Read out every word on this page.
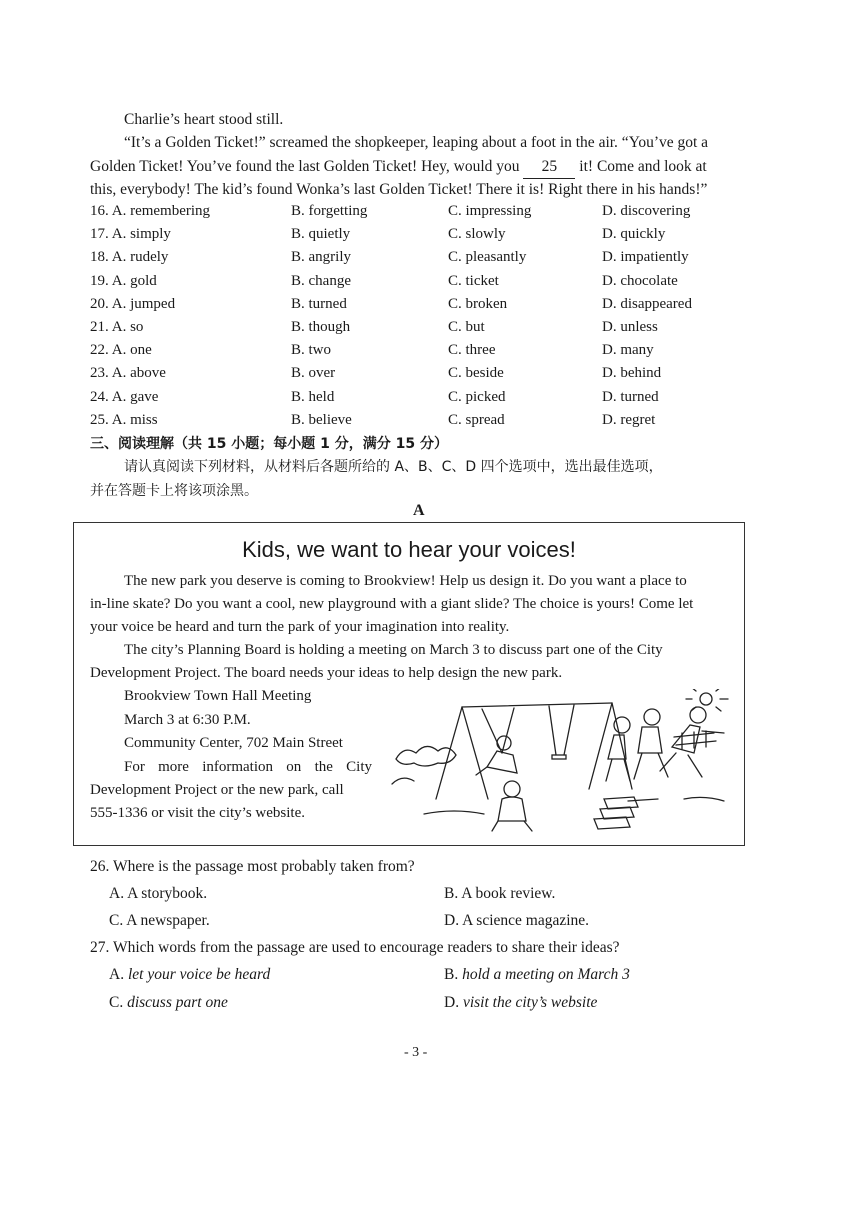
Charlie’s heart stood still.
“It’s a Golden Ticket!” screamed the shopkeeper, leaping about a foot in the air. “You’ve got a
Golden Ticket! You’ve found the last Golden Ticket! Hey, would you 25 it! Come and look at
this, everybody! The kid’s found Wonka’s last Golden Ticket! There it is! Right there in his hands!”
16. A. remembering	B. forgetting	C. impressing	D. discovering
17. A. simply	B. quietly	C. slowly	D. quickly
18. A. rudely	B. angrily	C. pleasantly	D. impatiently
19. A. gold	B. change	C. ticket	D. chocolate
20. A. jumped	B. turned	C. broken	D. disappeared
21. A. so	B. though	C. but	D. unless
22. A. one	B. two	C. three	D. many
23. A. above	B. over	C. beside	D. behind
24. A. gave	B. held	C. picked	D. turned
25. A. miss	B. believe	C. spread	D. regret
三、阅读理解（共 15 小题；每小题 1 分，满分 15 分）
请认真阅读下列材料，从材料后各题所给的 A、B、C、D 四个选项中，选出最佳选项，
并在答题卡上将该项涂黑。
A
Kids, we want to hear your voices!
The new park you deserve is coming to Brookview! Help us design it. Do you want a place to
in-line skate? Do you want a cool, new playground with a giant slide? The choice is yours! Come let
your voice be heard and turn the park of your imagination into reality.
The city’s Planning Board is holding a meeting on March 3 to discuss part one of the City
Development Project. The board needs your ideas to help design the new park.
Brookview Town Hall Meeting
March 3 at 6:30 P.M.
Community Center, 702 Main Street
For more information on the City
Development Project or the new park, call
555-1336 or visit the city’s website.
26. Where is the passage most probably taken from?
A. A storybook.	B. A book review.
C. A newspaper.	D. A science magazine.
27. Which words from the passage are used to encourage readers to share their ideas?
A. let your voice be heard	B. hold a meeting on March 3
C. discuss part one	D. visit the city’s website
- 3 -
